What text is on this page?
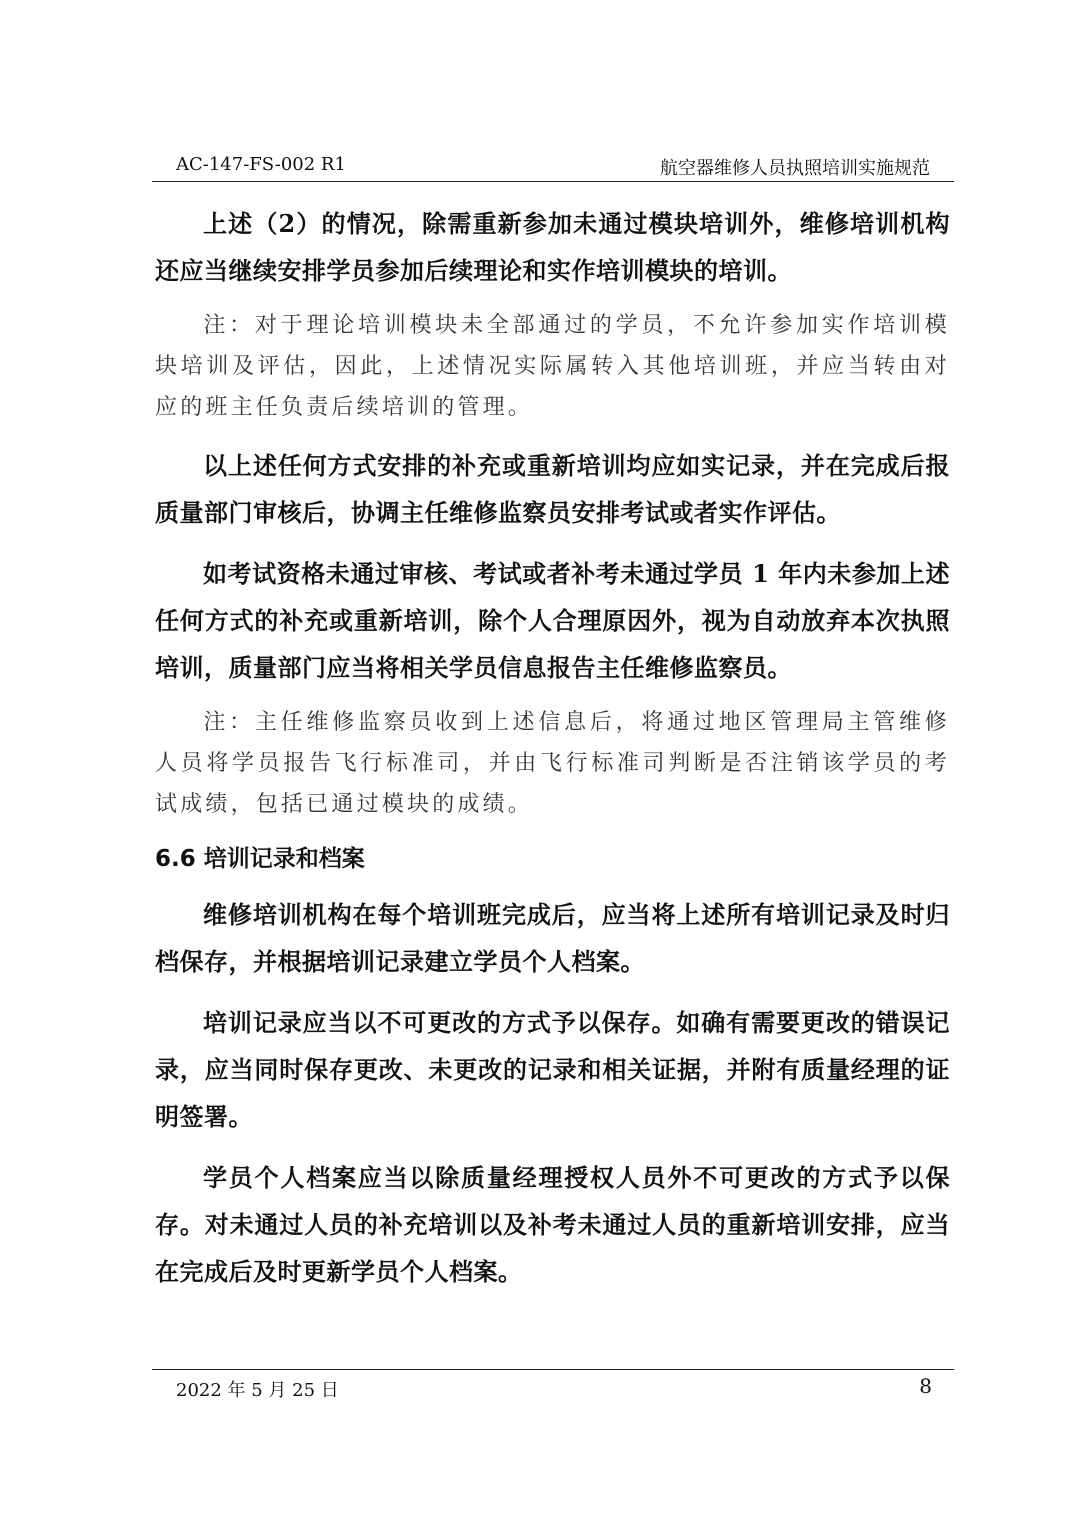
AC-147-FS-002 R1	航空器维修人员执照培训实施规范

上述（2）的情况，除需重新参加未通过模块培训外，维修培训机构还应当继续安排学员参加后续理论和实作培训模块的培训。

注：对于理论培训模块未全部通过的学员，不允许参加实作培训模块培训及评估，因此，上述情况实际属转入其他培训班，并应当转由对应的班主任负责后续培训的管理。

以上述任何方式安排的补充或重新培训均应如实记录，并在完成后报质量部门审核后，协调主任维修监察员安排考试或者实作评估。

如考试资格未通过审核、考试或者补考未通过学员 1 年内未参加上述任何方式的补充或重新培训，除个人合理原因外，视为自动放弃本次执照培训，质量部门应当将相关学员信息报告主任维修监察员。

注：主任维修监察员收到上述信息后，将通过地区管理局主管维修人员将学员报告飞行标准司，并由飞行标准司判断是否注销该学员的考试成绩，包括已通过模块的成绩。

6.6 培训记录和档案

维修培训机构在每个培训班完成后，应当将上述所有培训记录及时归档保存，并根据培训记录建立学员个人档案。

培训记录应当以不可更改的方式予以保存。如确有需要更改的错误记录，应当同时保存更改、未更改的记录和相关证据，并附有质量经理的证明签署。

学员个人档案应当以除质量经理授权人员外不可更改的方式予以保存。对未通过人员的补充培训以及补考未通过人员的重新培训安排，应当在完成后及时更新学员个人档案。

2022 年 5 月 25 日	8
